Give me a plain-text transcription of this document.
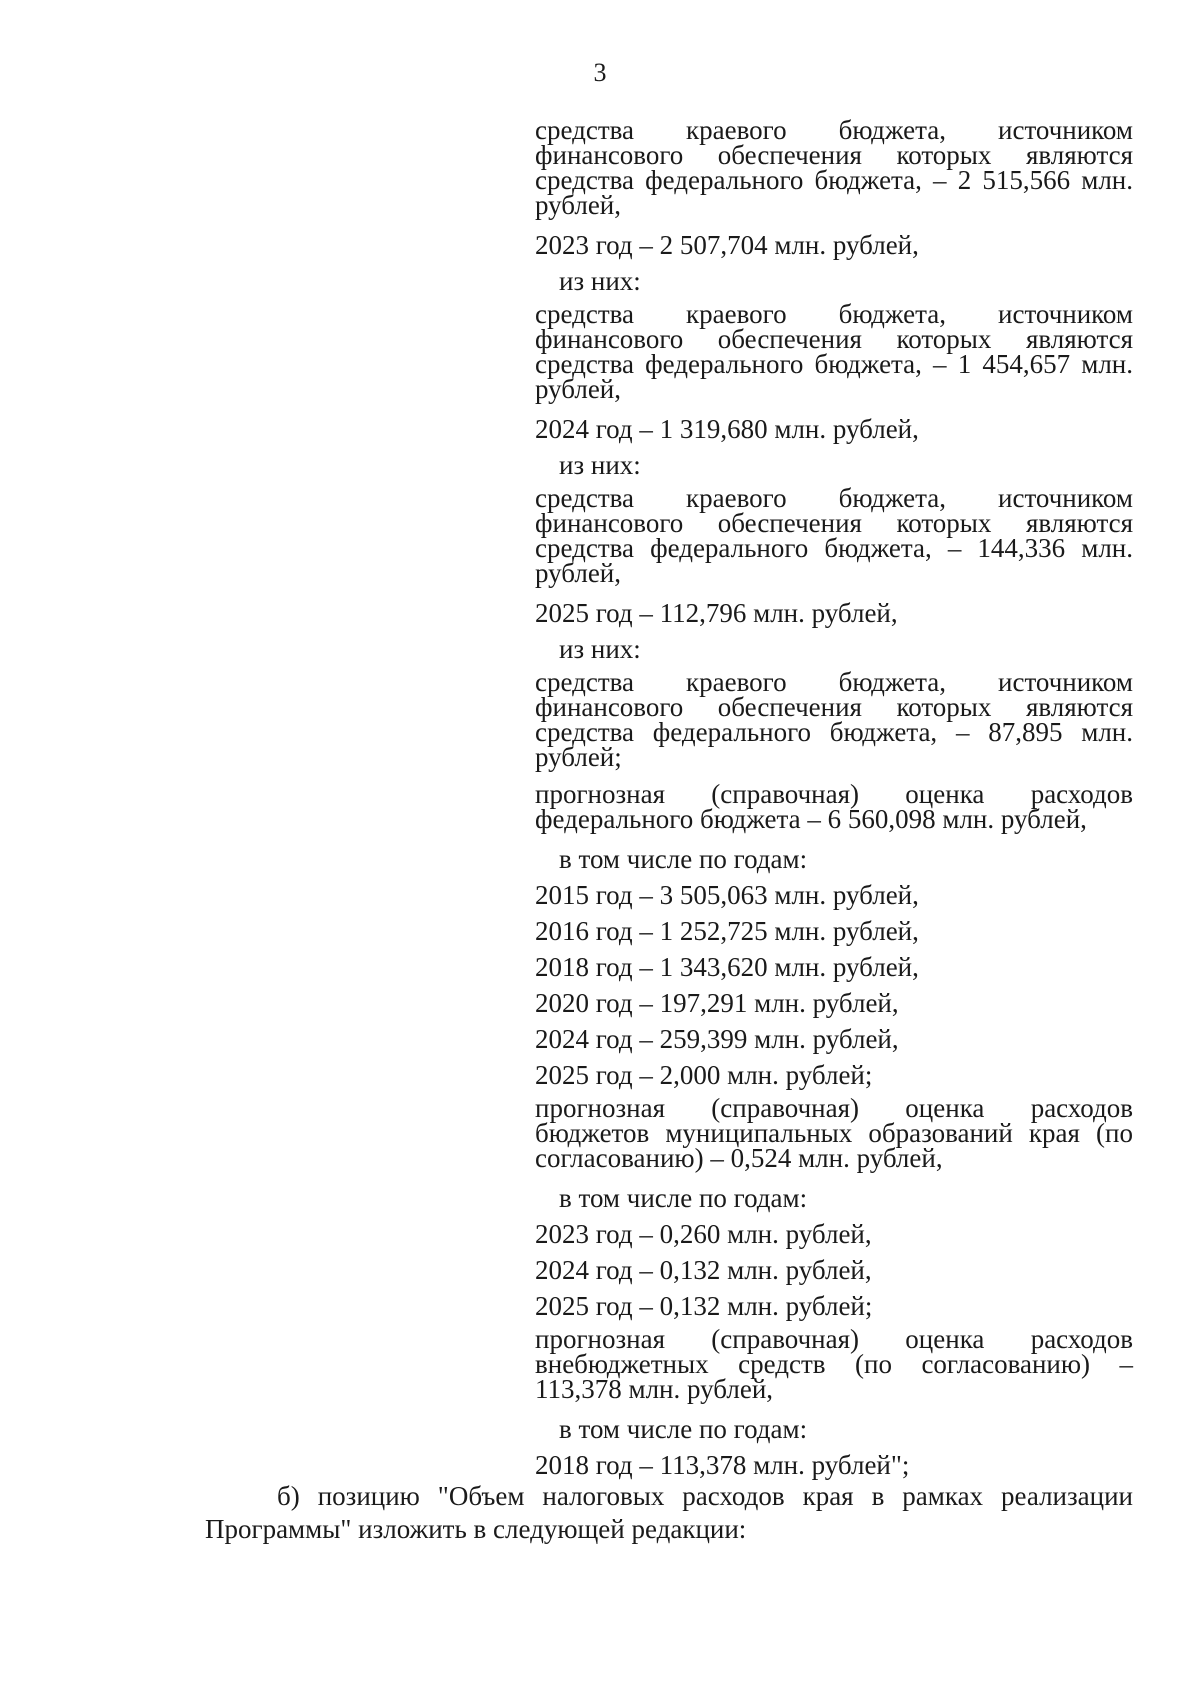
3
средства краевого бюджета, источником финансового обеспечения которых являются средства федерального бюджета, – 2 515,566 млн. рублей,
2023 год – 2 507,704 млн. рублей,
из них:
средства краевого бюджета, источником финансового обеспечения которых являются средства федерального бюджета, – 1 454,657 млн. рублей,
2024 год – 1 319,680 млн. рублей,
из них:
средства краевого бюджета, источником финансового обеспечения которых являются средства федерального бюджета, – 144,336 млн. рублей,
2025 год – 112,796 млн. рублей,
из них:
средства краевого бюджета, источником финансового обеспечения которых являются средства федерального бюджета, – 87,895 млн. рублей;
прогнозная (справочная) оценка расходов федерального бюджета – 6 560,098 млн. рублей,
в том числе по годам:
2015 год – 3 505,063 млн. рублей,
2016 год – 1 252,725 млн. рублей,
2018 год – 1 343,620 млн. рублей,
2020 год – 197,291 млн. рублей,
2024 год – 259,399 млн. рублей,
2025 год – 2,000 млн. рублей;
прогнозная (справочная) оценка расходов бюджетов муниципальных образований края (по согласованию) – 0,524 млн. рублей,
в том числе по годам:
2023 год – 0,260 млн. рублей,
2024 год – 0,132 млн. рублей,
2025 год – 0,132 млн. рублей;
прогнозная (справочная) оценка расходов внебюджетных средств (по согласованию) – 113,378 млн. рублей,
в том числе по годам:
2018 год – 113,378 млн. рублей";
б) позицию "Объем налоговых расходов края в рамках реализации Программы" изложить в следующей редакции:
